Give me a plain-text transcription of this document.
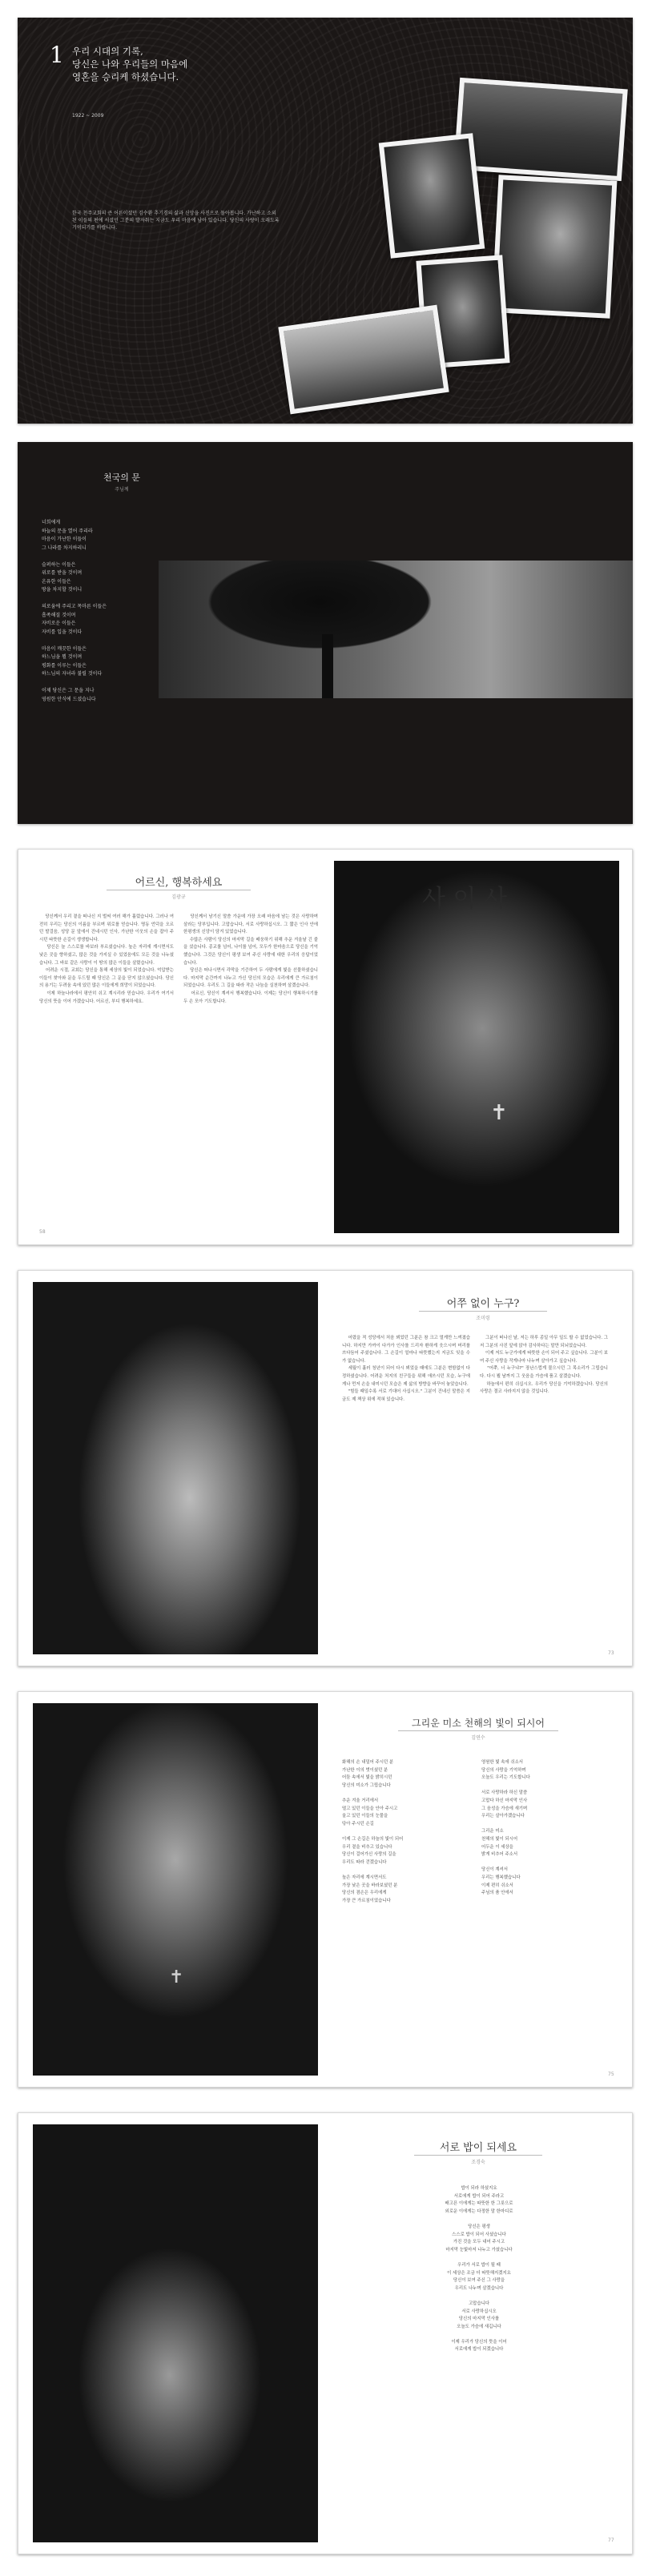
1 우리 시대의 기록,
당신은 나와 우리들의 마음에
영혼을 승리케 하셨습니다.
1922 ~ 2009
한국 천주교회의 큰 어른이셨던 김수환 추기경의 삶과 신앙을 사진으로 돌아봅니다. 가난하고 소외된 이들의 편에 서셨던 그분의 발자취는 지금도 우리 마음에 남아 있습니다. 당신의 사랑이 오래도록 기억되기를 바랍니다.
천국의 문
주님께
너희에게
하늘의 문을 열어 주리라
마음이 가난한 이들이
그 나라를 차지하리니

슬퍼하는 이들은
위로를 받을 것이며
온유한 이들은
땅을 차지할 것이니

의로움에 주리고 목마른 이들은
흡족해질 것이며
자비로운 이들은
자비를 입을 것이다

마음이 깨끗한 이들은
하느님을 뵐 것이며
평화를 이루는 이들은
하느님의 자녀라 불릴 것이다

이제 당신은 그 문을 지나
영원한 안식에 드셨습니다
어르신, 행복하세요
김광규
당신께서 우리 곁을 떠나신 지 벌써 여러 해가 흘렀습니다. 그러나 여전히 우리는 당신의 이름을 부르며 위로를 얻습니다. 명동 언덕을 오르던 발걸음, 성당 문 앞에서 건네시던 인사, 가난한 이웃의 손을 잡아 주시던 따뜻한 손길이 생생합니다.
당신은 늘 스스로를 바보라 부르셨습니다. 높은 자리에 계시면서도 낮은 곳을 향하셨고, 많은 것을 가지실 수 있었음에도 모든 것을 나누셨습니다. 그 바보 같은 사랑이 이 땅의 많은 이들을 살렸습니다.
어려운 시절, 교회는 당신을 통해 세상의 빛이 되었습니다. 억압받는 이들이 찾아와 문을 두드릴 때 당신은 그 문을 닫지 않으셨습니다. 당신의 용기는 두려움 속에 있던 많은 이들에게 희망이 되었습니다.
이제 하늘나라에서 평안히 쉬고 계시리라 믿습니다. 우리가 여기서 당신의 뜻을 이어 가겠습니다. 어르신, 부디 행복하세요.
당신께서 남기신 말씀 가운데 가장 오래 마음에 남는 것은 사랑하며 살라는 당부입니다. 고맙습니다, 서로 사랑하십시오. 그 짧은 인사 안에 한평생의 신앙이 담겨 있었습니다.
수많은 사람이 당신의 마지막 길을 배웅하기 위해 추운 겨울날 긴 줄을 섰습니다. 종교를 넘어, 나이를 넘어, 모두가 한마음으로 당신을 기억했습니다. 그것은 당신이 평생 보여 주신 사랑에 대한 우리의 응답이었습니다.
당신은 떠나시면서 각막을 기증하여 두 사람에게 빛을 선물하셨습니다. 마지막 순간까지 나누고 가신 당신의 모습은 우리에게 큰 가르침이 되었습니다. 우리도 그 길을 따라 작은 나눔을 실천하며 살겠습니다.
어르신, 당신이 계셔서 행복했습니다. 이제는 당신이 행복하시기를 두 손 모아 기도합니다.
58
사 이 사
✝
어쭈 없이 누구?
조미령
어렸을 적 성당에서 처음 뵈었던 그분은 참 크고 멀게만 느껴졌습니다. 하지만 가까이 다가가 인사를 드리자 환하게 웃으시며 머리를 쓰다듬어 주셨습니다. 그 손길이 얼마나 따뜻했는지 지금도 잊을 수가 없습니다.
세월이 흘러 청년이 되어 다시 뵈었을 때에도 그분은 변함없이 다정하셨습니다. 어려운 처지의 친구들을 위해 애쓰시던 모습, 누구에게나 먼저 손을 내미시던 모습은 제 삶의 방향을 바꾸어 놓았습니다.
"힘들 때일수록 서로 기대어 사십시오." 그분이 건네신 말씀은 지금도 제 책상 위에 적혀 있습니다.
그분이 떠나신 날, 저는 하루 종일 아무 일도 할 수 없었습니다. 그저 그분의 사진 앞에 앉아 감사하다는 말만 되뇌었습니다.
이제 저도 누군가에게 따뜻한 손이 되어 주고 싶습니다. 그분이 보여 주신 사랑을 작게나마 나누며 살아가고 싶습니다.
"어쭈, 너 누구냐?" 장난스럽게 물으시던 그 목소리가 그립습니다. 다시 뵐 날까지 그 웃음을 가슴에 품고 살겠습니다.
하늘에서 편히 쉬십시오. 우리가 당신을 기억하겠습니다. 당신의 사랑은 결코 사라지지 않을 것입니다.
73
✝
그리운 미소 천해의 빛이 되시어
김연수
화해의 손 내밀어 주시던 분
가난한 이의 벗이셨던 분
어둠 속에서 빛을 밝히시던
당신의 미소가 그립습니다

추운 겨울 거리에서
떨고 있던 이들을 안아 주시고
울고 있던 이들의 눈물을
닦아 주시던 손길

이제 그 손길은 하늘의 빛이 되어
우리 곁을 비추고 있습니다
당신이 걸어가신 사랑의 길을
우리도 따라 걷겠습니다

높은 자리에 계시면서도
가장 낮은 곳을 바라보셨던 분
당신의 겸손은 우리에게
가장 큰 가르침이었습니다
영원한 빛 속에 쉬소서
당신의 사랑을 기억하며
오늘도 우리는 기도합니다

서로 사랑하라 하신 말씀
고맙다 하신 마지막 인사
그 음성을 가슴에 새기며
우리는 살아가겠습니다

그리운 미소
천해의 빛이 되시어
어두운 이 세상을
밝게 비추어 주소서

당신이 계셔서
우리는 행복했습니다
이제 편히 쉬소서
주님의 품 안에서
75
서로 밥이 되세요
조경숙
밥이 되라 하셨지요
서로에게 밥이 되어 주라고
배고픈 이에게는 따뜻한 한 그릇으로
외로운 이에게는 다정한 말 한마디로

당신은 평생
스스로 밥이 되어 사셨습니다
가진 것을 모두 내어 주시고
마지막 눈빛마저 나누고 가셨습니다

우리가 서로 밥이 될 때
이 세상은 조금 더 따뜻해지겠지요
당신이 보여 주신 그 사랑을
우리도 나누며 살겠습니다

고맙습니다
서로 사랑하십시오
당신의 마지막 인사를
오늘도 가슴에 새깁니다

이제 우리가 당신의 뜻을 이어
서로에게 밥이 되겠습니다
77
